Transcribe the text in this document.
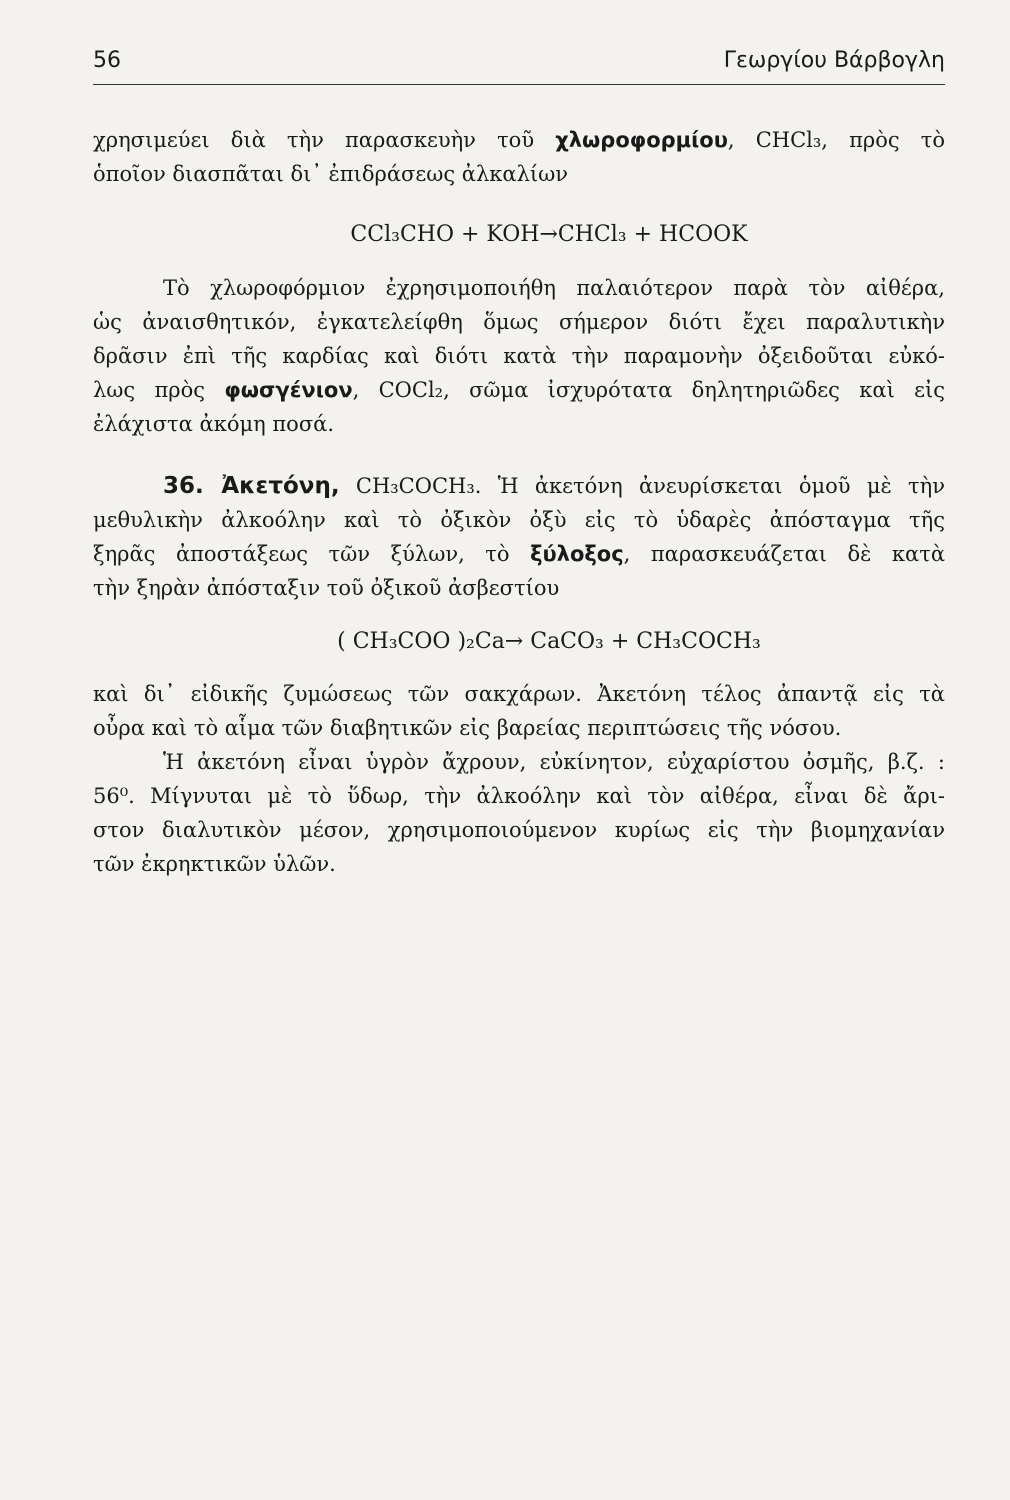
56	Γεωργίου Βάρβογλη

χρησιμεύει διὰ τὴν παρασκευὴν τοῦ χλωροφορμίου, CHCl₃, πρὸς τὸ

ὁποῖον διασπᾶται δι᾽ ἐπιδράσεως ἀλκαλίων

CCl₃CHO + KOH→CHCl₃ + HCOOK

Τὸ χλωροφόρμιον ἐχρησιμοποιήθη παλαιότερον παρὰ τὸν αἰθέρα,

ὡς ἀναισθητικόν, ἐγκατελείφθη ὅμως σήμερον διότι ἔχει παραλυτικὴν

δρᾶσιν ἐπὶ τῆς καρδίας καὶ διότι κατὰ τὴν παραμονὴν ὀξειδοῦται εὐκό-

λως πρὸς φωσγένιον, COCl₂, σῶμα ἰσχυρότατα δηλητηριῶδες καὶ εἰς

ἐλάχιστα ἀκόμη ποσά.

36. Ἀκετόνη, CH₃COCH₃. Ἡ ἀκετόνη ἀνευρίσκεται ὁμοῦ μὲ τὴν

μεθυλικὴν ἀλκοόλην καὶ τὸ ὀξικὸν ὀξὺ εἰς τὸ ὑδαρὲς ἀπόσταγμα τῆς

ξηρᾶς ἀποστάξεως τῶν ξύλων, τὸ ξύλοξος, παρασκευάζεται δὲ κατὰ

τὴν ξηρὰν ἀπόσταξιν τοῦ ὀξικοῦ ἀσβεστίου

( CH₃COO )₂Ca→ CaCO₃ + CH₃COCH₃

καὶ δι᾽ εἰδικῆς ζυμώσεως τῶν σακχάρων. Ἀκετόνη τέλος ἀπαντᾷ εἰς τὰ

οὖρα καὶ τὸ αἷμα τῶν διαβητικῶν εἰς βαρείας περιπτώσεις τῆς νόσου.

Ἡ ἀκετόνη εἶναι ὑγρὸν ἄχρουν, εὐκίνητον, εὐχαρίστου ὀσμῆς, β.ζ. :

56⁰. Μίγνυται μὲ τὸ ὕδωρ, τὴν ἀλκοόλην καὶ τὸν αἰθέρα, εἶναι δὲ ἄρι-

στον διαλυτικὸν μέσον, χρησιμοποιούμενον κυρίως εἰς τὴν βιομηχανίαν

τῶν ἐκρηκτικῶν ὑλῶν.
